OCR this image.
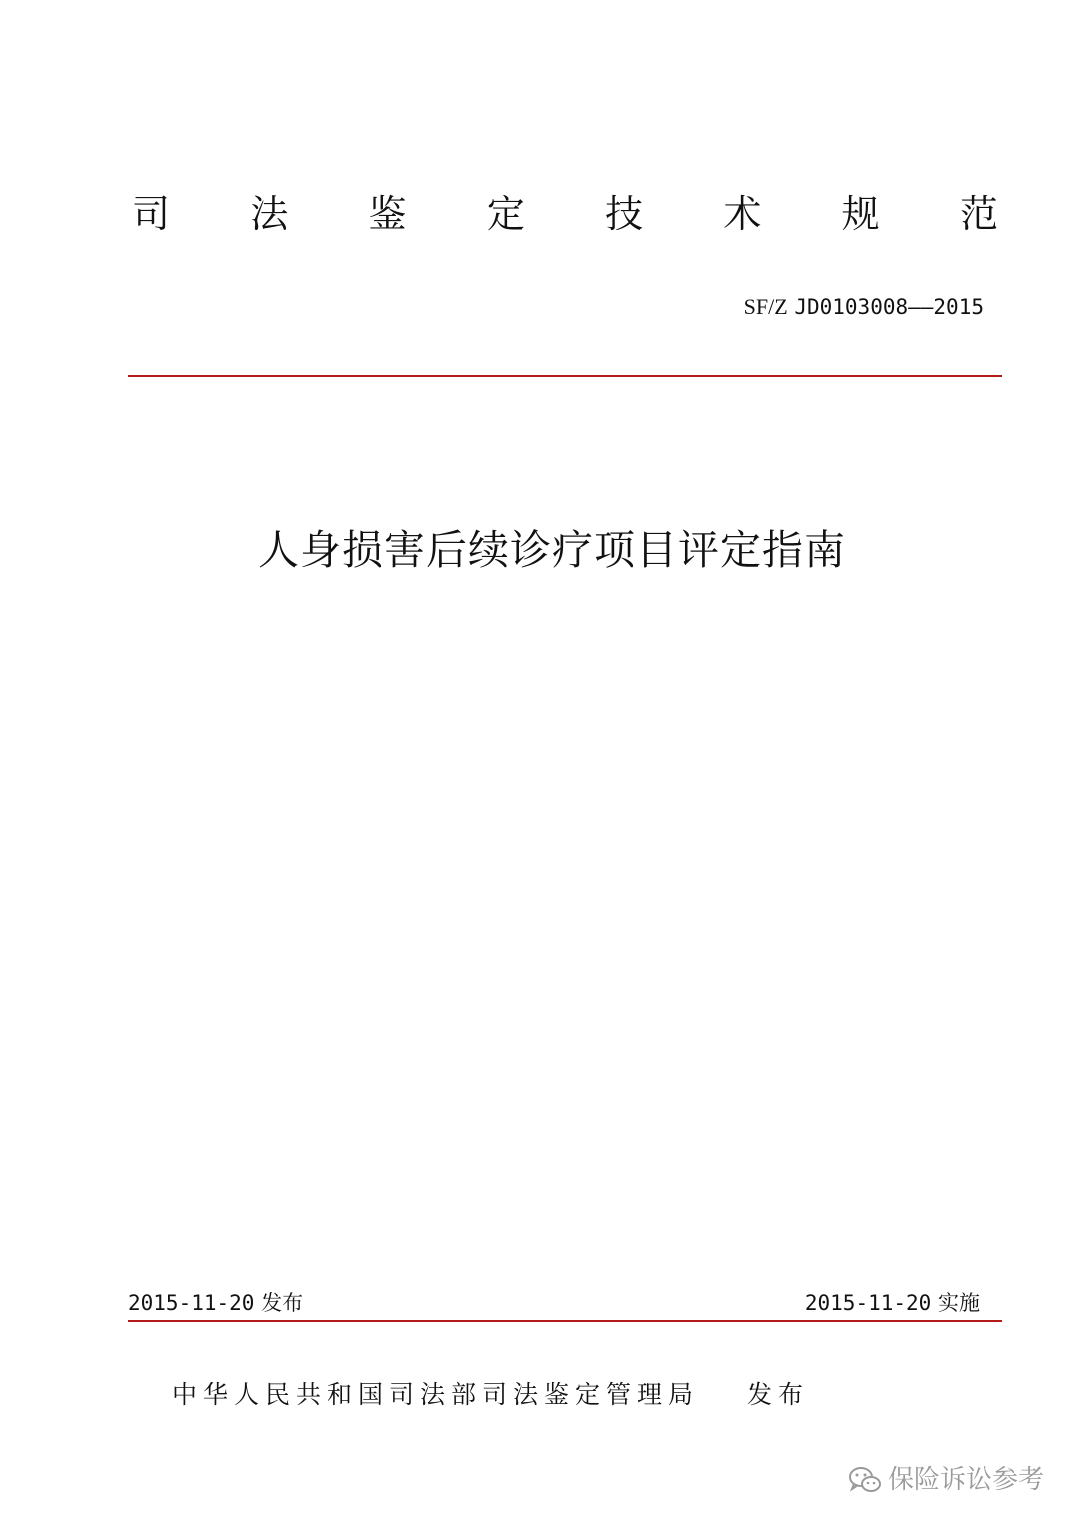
司 法 鉴 定 技 术 规 范
SF/Z JD0103008——2015
人身损害后续诊疗项目评定指南
2015-11-20 发布	2015-11-20 实施
中华人民共和国司法部司法鉴定管理局 发布
保险诉讼参考
